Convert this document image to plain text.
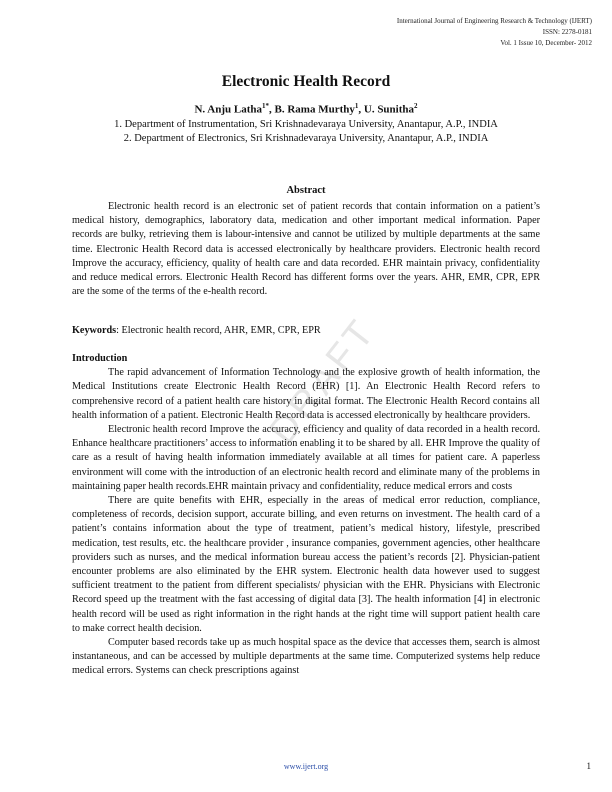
International Journal of Engineering Research & Technology (IJERT)
ISSN: 2278-0181
Vol. 1 Issue 10, December- 2012
Electronic Health Record
N. Anju Latha$^{1*}$, B. Rama Murthy$^1$, U. Sunitha$^2$
1. Department of Instrumentation, Sri Krishnadevaraya University, Anantapur, A.P., INDIA
2. Department of Electronics, Sri Krishnadevaraya University, Anantapur, A.P., INDIA
DRAFT
Abstract

Electronic health record is an electronic set of patient records that contain information on a patient’s medical history, demographics, laboratory data, medication and other important medical information. Paper records are bulky, retrieving them is labour-intensive and cannot be utilized by multiple departments at the same time. Electronic Health Record data is accessed electronically by healthcare providers. Electronic health record Improve the accuracy, efficiency, quality of health care and data recorded. EHR maintain privacy, confidentiality and reduce medical errors. Electronic Health Record has different forms over the years. AHR, EMR, CPR, EPR are the some of the terms of the e-health record.

Keywords: Electronic health record, AHR, EMR, CPR, EPR

Introduction

The rapid advancement of Information Technology and the explosive growth of health information, the Medical Institutions create Electronic Health Record (EHR) [1]. An Electronic Health Record refers to comprehensive record of a patient health care history in digital format. The Electronic Health Record contains all health information of a patient. Electronic Health Record data is accessed electronically by healthcare providers.

Electronic health record Improve the accuracy, efficiency and quality of data recorded in a health record. Enhance healthcare practitioners’ access to information enabling it to be shared by all. EHR Improve the quality of care as a result of having health information immediately available at all times for patient care. A paperless environment will come with the introduction of an electronic health record and eliminate many of the problems in maintaining paper health records.EHR maintain privacy and confidentiality, reduce medical errors and costs

There are quite benefits with EHR, especially in the areas of medical error reduction, compliance, completeness of records, decision support, accurate billing, and even returns on investment. The health card of a patient’s contains information about the type of treatment, patient’s medical history, lifestyle, prescribed medication, test results, etc. the healthcare provider , insurance companies, government agencies, other healthcare providers such as nurses, and the medical information bureau access the patient’s records [2]. Physician-patient encounter problems are also eliminated by the EHR system. Electronic health data however used to suggest sufficient treatment to the patient from different specialists/ physician with the EHR. Physicians with Electronic Record speed up the treatment with the fast accessing of digital data [3]. The health information [4] in electronic health record will be used as right information in the right hands at the right time will support patient health care to make correct health decision.

Computer based records take up as much hospital space as the device that accesses them, search is almost instantaneous, and can be accessed by multiple departments at the same time. Computerized systems help reduce medical errors. Systems can check prescriptions against

www.ijert.org	1
